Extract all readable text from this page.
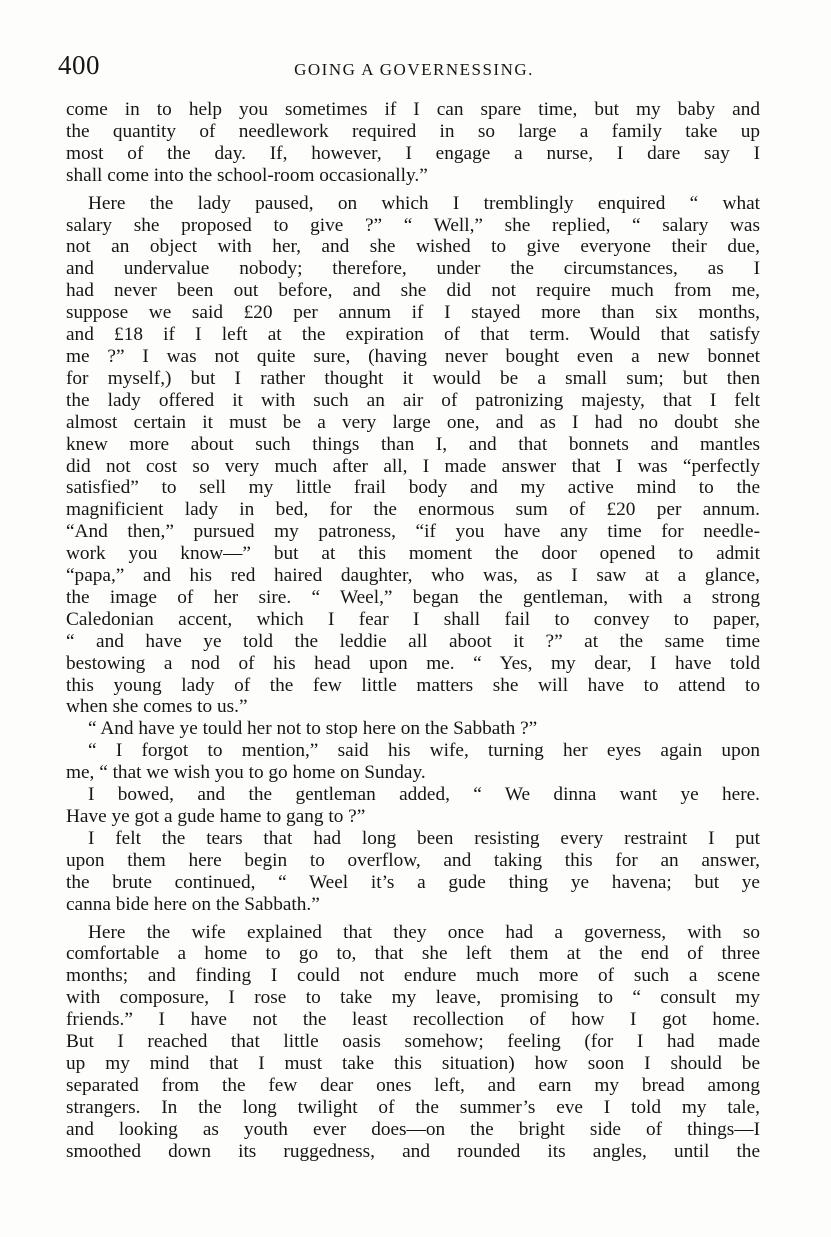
400	GOING A GOVERNESSING.
come in to help you sometimes if I can spare time, but my baby and
the quantity of needlework required in so large a family take up
most of the day. If, however, I engage a nurse, I dare say I
shall come into the school-room occasionally.”
Here the lady paused, on which I tremblingly enquired “ what
salary she proposed to give ?” “ Well,” she replied, “ salary was
not an object with her, and she wished to give everyone their due,
and undervalue nobody; therefore, under the circumstances, as I
had never been out before, and she did not require much from me,
suppose we said £20 per annum if I stayed more than six months,
and £18 if I left at the expiration of that term. Would that satisfy
me ?” I was not quite sure, (having never bought even a new bonnet
for myself,) but I rather thought it would be a small sum; but then
the lady offered it with such an air of patronizing majesty, that I felt
almost certain it must be a very large one, and as I had no doubt she
knew more about such things than I, and that bonnets and mantles
did not cost so very much after all, I made answer that I was “perfectly
satisfied” to sell my little frail body and my active mind to the
magnificient lady in bed, for the enormous sum of £20 per annum.
“And then,” pursued my patroness, “if you have any time for needle-
work you know—” but at this moment the door opened to admit
“papa,” and his red haired daughter, who was, as I saw at a glance,
the image of her sire. “ Weel,” began the gentleman, with a strong
Caledonian accent, which I fear I shall fail to convey to paper,
“ and have ye told the leddie all aboot it ?” at the same time
bestowing a nod of his head upon me. “ Yes, my dear, I have told
this young lady of the few little matters she will have to attend to
when she comes to us.”
“ And have ye tould her not to stop here on the Sabbath ?”
“ I forgot to mention,” said his wife, turning her eyes again upon
me, “ that we wish you to go home on Sunday.
I bowed, and the gentleman added, “ We dinna want ye here.
Have ye got a gude hame to gang to ?”
I felt the tears that had long been resisting every restraint I put
upon them here begin to overflow, and taking this for an answer,
the brute continued, “ Weel it’s a gude thing ye havena; but ye
canna bide here on the Sabbath.”
Here the wife explained that they once had a governess, with so
comfortable a home to go to, that she left them at the end of three
months; and finding I could not endure much more of such a scene
with composure, I rose to take my leave, promising to “ consult my
friends.” I have not the least recollection of how I got home.
But I reached that little oasis somehow; feeling (for I had made
up my mind that I must take this situation) how soon I should be
separated from the few dear ones left, and earn my bread among
strangers. In the long twilight of the summer’s eve I told my tale,
and looking as youth ever does—on the bright side of things—I
smoothed down its ruggedness, and rounded its angles, until the
